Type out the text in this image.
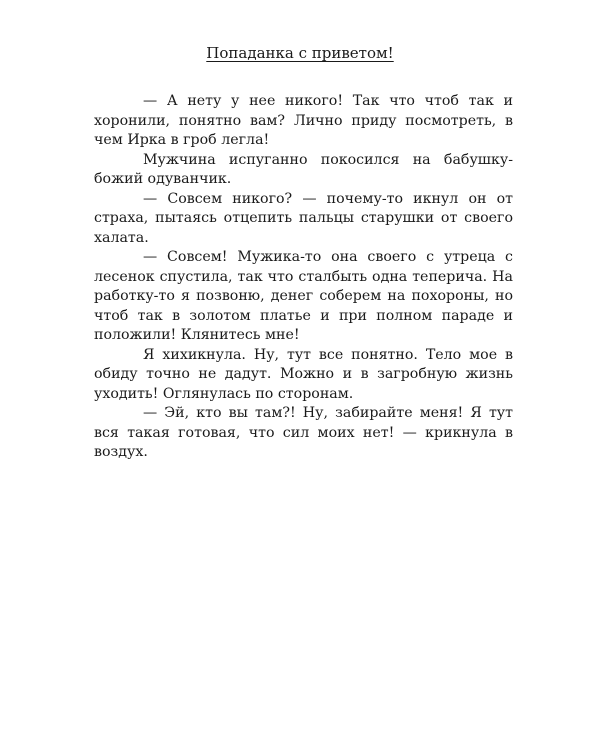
Попаданка с приветом!

— А нету у нее никого! Так что чтоб так и хоронили, понятно вам? Лично приду посмотреть, в чем Ирка в гроб легла!

Мужчина испуганно покосился на бабушку-божий одуванчик.

— Совсем никого? — почему-то икнул он от страха, пытаясь отцепить пальцы старушки от своего халата.

— Совсем! Мужика-то она своего с утреца с лесенок спустила, так что сталбыть одна теперича. На работку-то я позвоню, денег соберем на похороны, но чтоб так в золотом платье и при полном параде и положили! Клянитесь мне!

Я хихикнула. Ну, тут все понятно. Тело мое в обиду точно не дадут. Можно и в загробную жизнь уходить! Оглянулась по сторонам.

— Эй, кто вы там?! Ну, забирайте меня! Я тут вся такая готовая, что сил моих нет! — крикнула в воздух.
